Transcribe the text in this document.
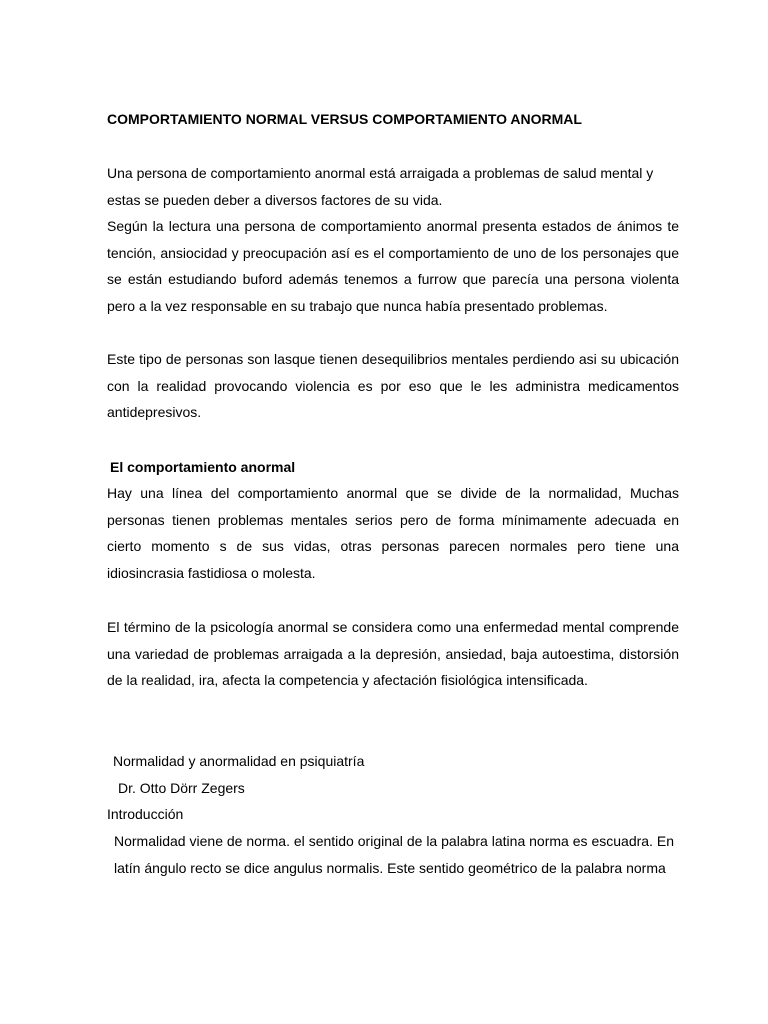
COMPORTAMIENTO NORMAL VERSUS COMPORTAMIENTO ANORMAL

Una persona de comportamiento anormal está arraigada a problemas de salud mental y estas se pueden deber a diversos factores de su vida.

Según la lectura una persona de comportamiento anormal presenta estados de ánimos te tención, ansiocidad y preocupación así es el comportamiento de uno de los personajes que se están estudiando buford además tenemos a furrow que parecía una persona violenta pero a la vez responsable en su trabajo que nunca había presentado problemas.

Este tipo de personas son lasque tienen desequilibrios mentales perdiendo asi su ubicación con la realidad provocando violencia es por eso que le les administra medicamentos antidepresivos.

El comportamiento anormal

Hay una línea del comportamiento anormal que se divide de la normalidad, Muchas personas tienen problemas mentales serios pero de forma mínimamente adecuada en cierto momento s de sus vidas, otras personas parecen normales pero tiene una idiosincrasia fastidiosa o molesta.

El término de la psicología anormal se considera como una enfermedad mental comprende una variedad de problemas arraigada a la depresión, ansiedad, baja autoestima, distorsión de la realidad, ira, afecta la competencia y afectación fisiológica intensificada.

Normalidad y anormalidad en psiquiatría

Dr. Otto Dörr Zegers

Introducción

Normalidad viene de norma. el sentido original de la palabra latina norma es escuadra. En latín ángulo recto se dice angulus normalis. Este sentido geométrico de la palabra norma
